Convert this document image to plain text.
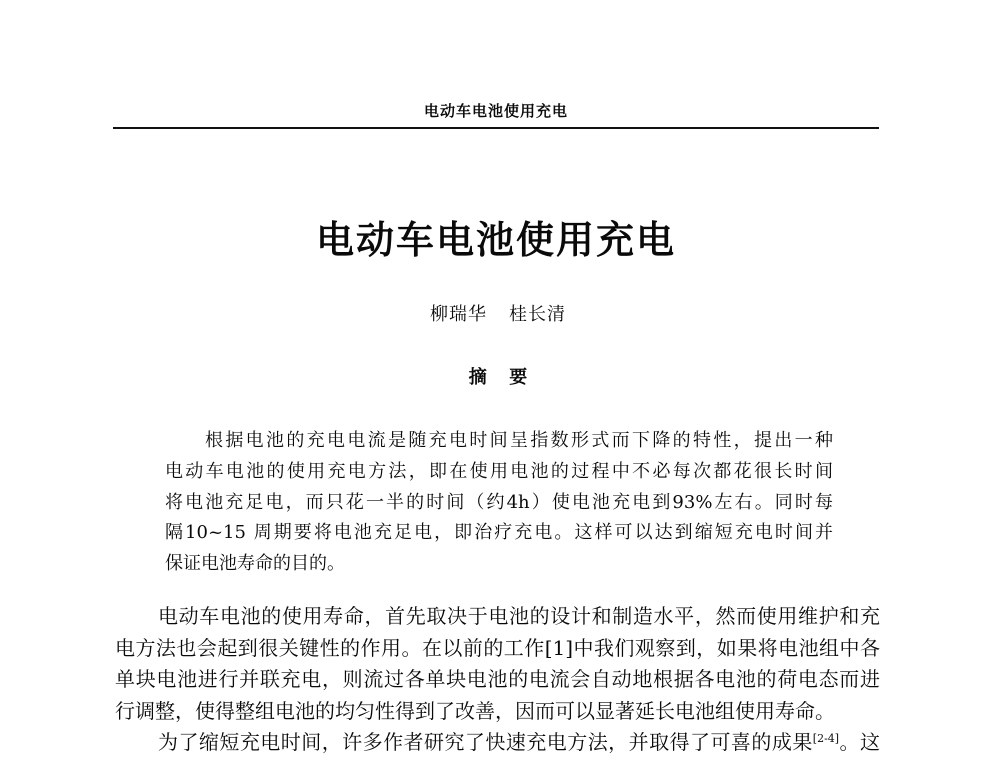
电动车电池使用充电
电动车电池使用充电
柳瑞华 桂长清
摘  要
根据电池的充电电流是随充电时间呈指数形式而下降的特性，提出一种
电动车电池的使用充电方法，即在使用电池的过程中不必每次都花很长时间
将电池充足电，而只花一半的时间（约4h）使电池充电到93%左右。同时每
隔10~15 周期要将电池充足电，即治疗充电。这样可以达到缩短充电时间并
保证电池寿命的目的。
电动车电池的使用寿命，首先取决于电池的设计和制造水平，然而使用维护和充
电方法也会起到很关键性的作用。在以前的工作[1]中我们观察到，如果将电池组中各
单块电池进行并联充电，则流过各单块电池的电流会自动地根据各电池的荷电态而进
行调整，使得整组电池的均匀性得到了改善，因而可以显著延长电池组使用寿命。
为了缩短充电时间，许多作者研究了快速充电方法，并取得了可喜的成果[2-4]。这
